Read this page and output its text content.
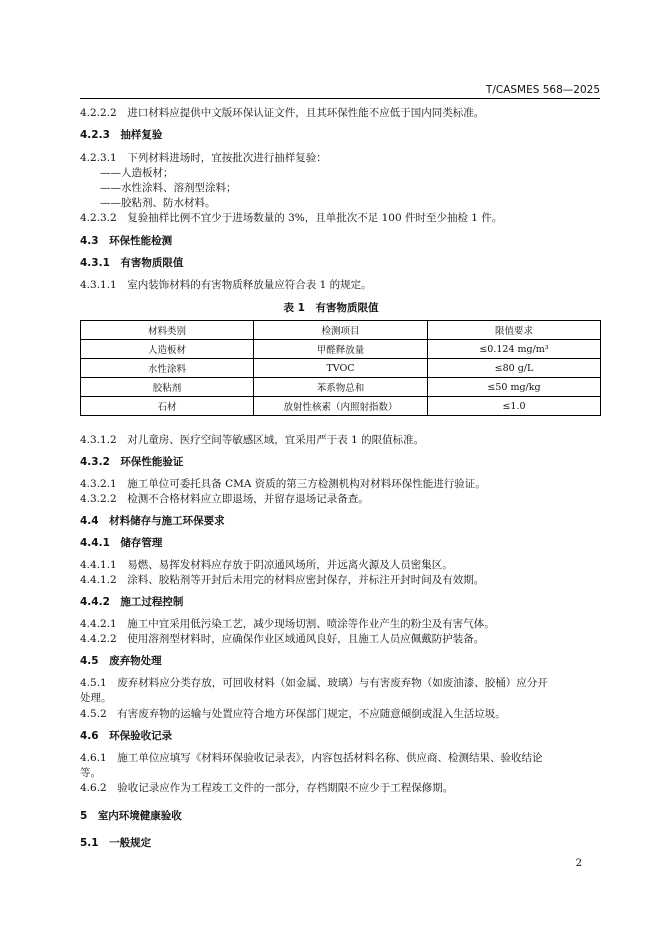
T/CASMES 568—2025
4.2.2.2　 进口材料应提供中文版环保认证文件，且其环保性能不应低于国内同类标准。
4.2.3　 抽样复验
4.2.3.1　 下列材料进场时，宜按批次进行抽样复验：
——人造板材；
——水性涂料、溶剂型涂料；
——胶粘剂、防水材料。
4.2.3.2　 复验抽样比例不宜少于进场数量的 3%，且单批次不足 100 件时至少抽检 1 件。
4.3　 环保性能检测
4.3.1　 有害物质限值
4.3.1.1　 室内装饰材料的有害物质释放量应符合表 1 的规定。
表 1　有害物质限值
材料类别	检测项目	限值要求
人造板材	甲醛释放量	≤0.124 mg/m³
水性涂料	TVOC	≤80 g/L
胶粘剂	苯系物总和	≤50 mg/kg
石材	放射性核素（内照射指数）	≤1.0
4.3.1.2　 对儿童房、医疗空间等敏感区域，宜采用严于表 1 的限值标准。
4.3.2　 环保性能验证
4.3.2.1　 施工单位可委托具备 CMA 资质的第三方检测机构对材料环保性能进行验证。
4.3.2.2　 检测不合格材料应立即退场，并留存退场记录备查。
4.4　 材料储存与施工环保要求
4.4.1　 储存管理
4.4.1.1　 易燃、易挥发材料应存放于阴凉通风场所，并远离火源及人员密集区。
4.4.1.2　 涂料、胶粘剂等开封后未用完的材料应密封保存，并标注开封时间及有效期。
4.4.2　 施工过程控制
4.4.2.1　 施工中宜采用低污染工艺，减少现场切割、喷涂等作业产生的粉尘及有害气体。
4.4.2.2　 使用溶剂型材料时，应确保作业区域通风良好，且施工人员应佩戴防护装备。
4.5　 废弃物处理
4.5.1　 废弃材料应分类存放，可回收材料（如金属、玻璃）与有害废弃物（如废油漆、胶桶）应分开
处理。
4.5.2　 有害废弃物的运输与处置应符合地方环保部门规定，不应随意倾倒或混入生活垃圾。
4.6　 环保验收记录
4.6.1　 施工单位应填写《材料环保验收记录表》，内容包括材料名称、供应商、检测结果、验收结论
等。
4.6.2　 验收记录应作为工程竣工文件的一部分，存档期限不应少于工程保修期。
5　 室内环境健康验收
5.1　 一般规定
2
